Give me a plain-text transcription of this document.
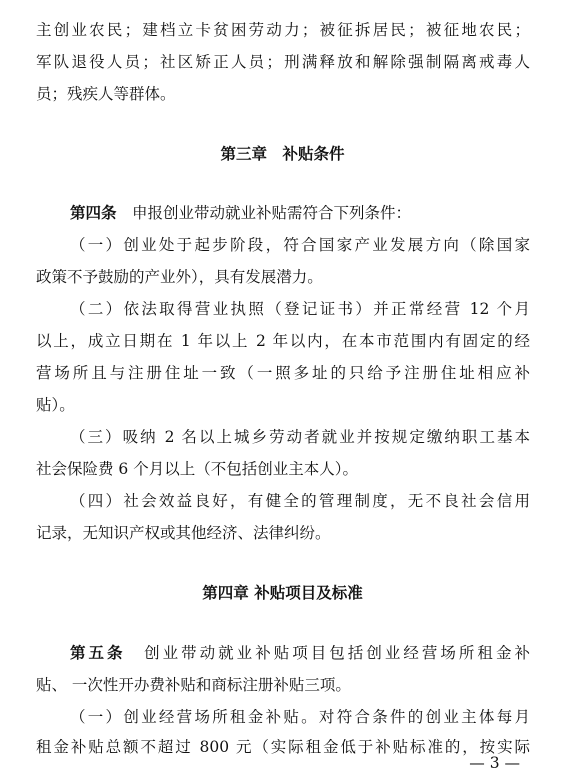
主创业农民；建档立卡贫困劳动力；被征拆居民；被征地农民；
军队退役人员；社区矫正人员；刑满释放和解除强制隔离戒毒人
员；残疾人等群体。
第三章　补贴条件
第四条　申报创业带动就业补贴需符合下列条件：
（一）创业处于起步阶段，符合国家产业发展方向（除国家
政策不予鼓励的产业外），具有发展潜力。
（二）依法取得营业执照（登记证书）并正常经营 12 个月
以上，成立日期在 1 年以上 2 年以内，在本市范围内有固定的经
营场所且与注册住址一致（一照多址的只给予注册住址相应补
贴）。
（三）吸纳 2 名以上城乡劳动者就业并按规定缴纳职工基本
社会保险费 6 个月以上（不包括创业主本人）。
（四）社会效益良好，有健全的管理制度，无不良社会信用
记录，无知识产权或其他经济、法律纠纷。
第四章 补贴项目及标准
第五条　创业带动就业补贴项目包括创业经营场所租金补
贴、 一次性开办费补贴和商标注册补贴三项。
（一）创业经营场所租金补贴。对符合条件的创业主体每月
租金补贴总额不超过 800 元（实际租金低于补贴标准的，按实际
— 3 —
